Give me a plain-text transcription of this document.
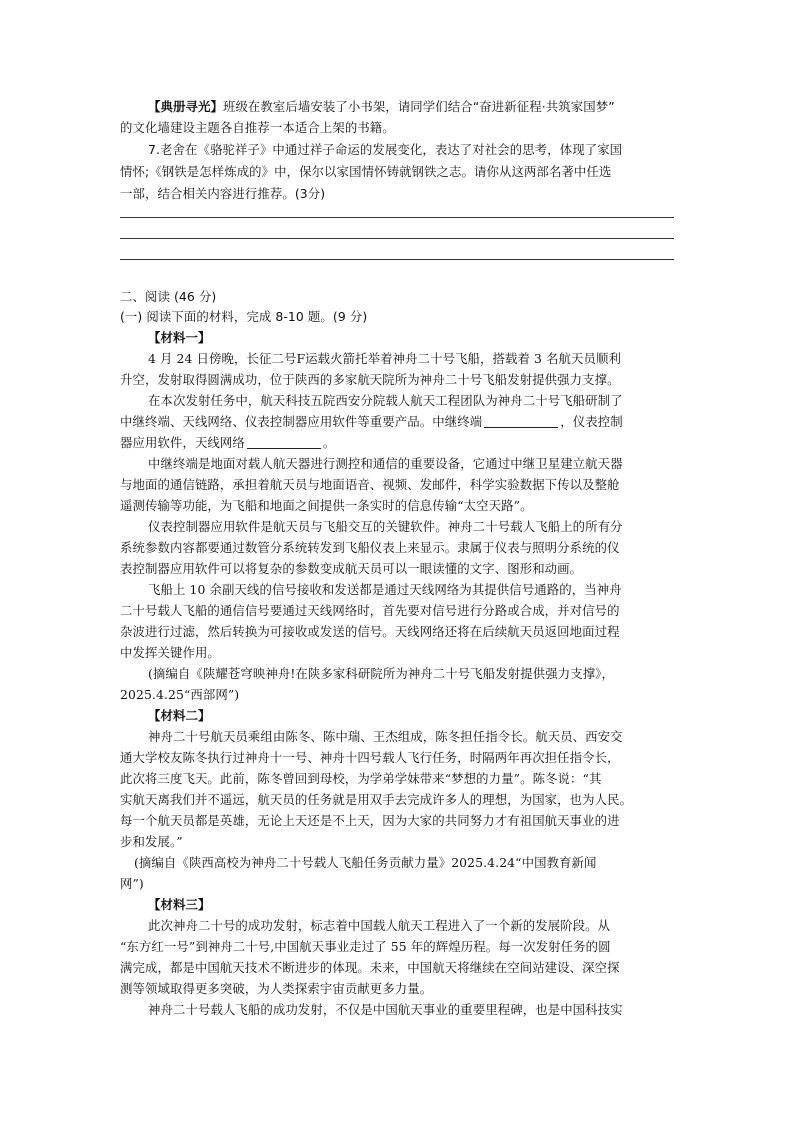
【典册寻光】班级在教室后墙安装了小书架，请同学们结合“奋进新征程·共筑家国梦”
的文化墙建设主题各自推荐一本适合上架的书籍。
7.老舍在《骆驼祥子》中通过祥子命运的发展变化，表达了对社会的思考，体现了家国
情怀;《钢铁是怎样炼成的》中，保尔以家国情怀铸就钢铁之志。请你从这两部名著中任选
一部，结合相关内容进行推荐。(3分)
二、阅读 (46 分)
(一) 阅读下面的材料，完成 8-10 题。(9 分)
【材料一】
4 月 24 日傍晚，长征二号F运载火箭托举着神舟二十号飞船，搭载着 3 名航天员顺利
升空，发射取得圆满成功，位于陕西的多家航天院所为神舟二十号飞船发射提供强力支撑。
在本次发射任务中，航天科技五院西安分院载人航天工程团队为神舟二十号飞船研制了
中继终端、天线网络、仪表控制器应用软件等重要产品。中继终端	，仪表控制
器应用软件，天线网络	。
中继终端是地面对载人航天器进行测控和通信的重要设备，它通过中继卫星建立航天器
与地面的通信链路，承担着航天员与地面语音、视频、发邮件，科学实验数据下传以及整舱
遥测传输等功能，为飞船和地面之间提供一条实时的信息传输“太空天路”。
仪表控制器应用软件是航天员与飞船交互的关键软件。神舟二十号载人飞船上的所有分
系统参数内容都要通过数管分系统转发到飞船仪表上来显示。隶属于仪表与照明分系统的仪
表控制器应用软件可以将复杂的参数变成航天员可以一眼读懂的文字、图形和动画。
飞船上 10 余副天线的信号接收和发送都是通过天线网络为其提供信号通路的，当神舟
二十号载人飞船的通信信号要通过天线网络时，首先要对信号进行分路或合成，并对信号的
杂波进行过滤，然后转换为可接收或发送的信号。天线网络还将在后续航天员返回地面过程
中发挥关键作用。
(摘编自《陕耀苍穹映神舟!在陕多家科研院所为神舟二十号飞船发射提供强力支撑》，
2025.4.25“西部网”)
【材料二】
神舟二十号航天员乘组由陈冬、陈中瑞、王杰组成，陈冬担任指令长。航天员、西安交
通大学校友陈冬执行过神舟十一号、神舟十四号载人飞行任务，时隔两年再次担任指令长，
此次将三度飞天。此前，陈冬曾回到母校，为学弟学妹带来“梦想的力量”。陈冬说：“其
实航天离我们并不遥远，航天员的任务就是用双手去完成许多人的理想，为国家，也为人民。
每一个航天员都是英雄，无论上天还是不上天，因为大家的共同努力才有祖国航天事业的进
步和发展。”
(摘编自《陕西高校为神舟二十号载人飞船任务贡献力量》2025.4.24“中国教育新闻
网”)
【材料三】
此次神舟二十号的成功发射，标志着中国载人航天工程进入了一个新的发展阶段。从
“东方红一号”到神舟二十号,中国航天事业走过了 55 年的辉煌历程。每一次发射任务的圆
满完成，都是中国航天技术不断进步的体现。未来，中国航天将继续在空间站建设、深空探
测等领域取得更多突破，为人类探索宇宙贡献更多力量。
神舟二十号载人飞船的成功发射，不仅是中国航天事业的重要里程碑，也是中国科技实
